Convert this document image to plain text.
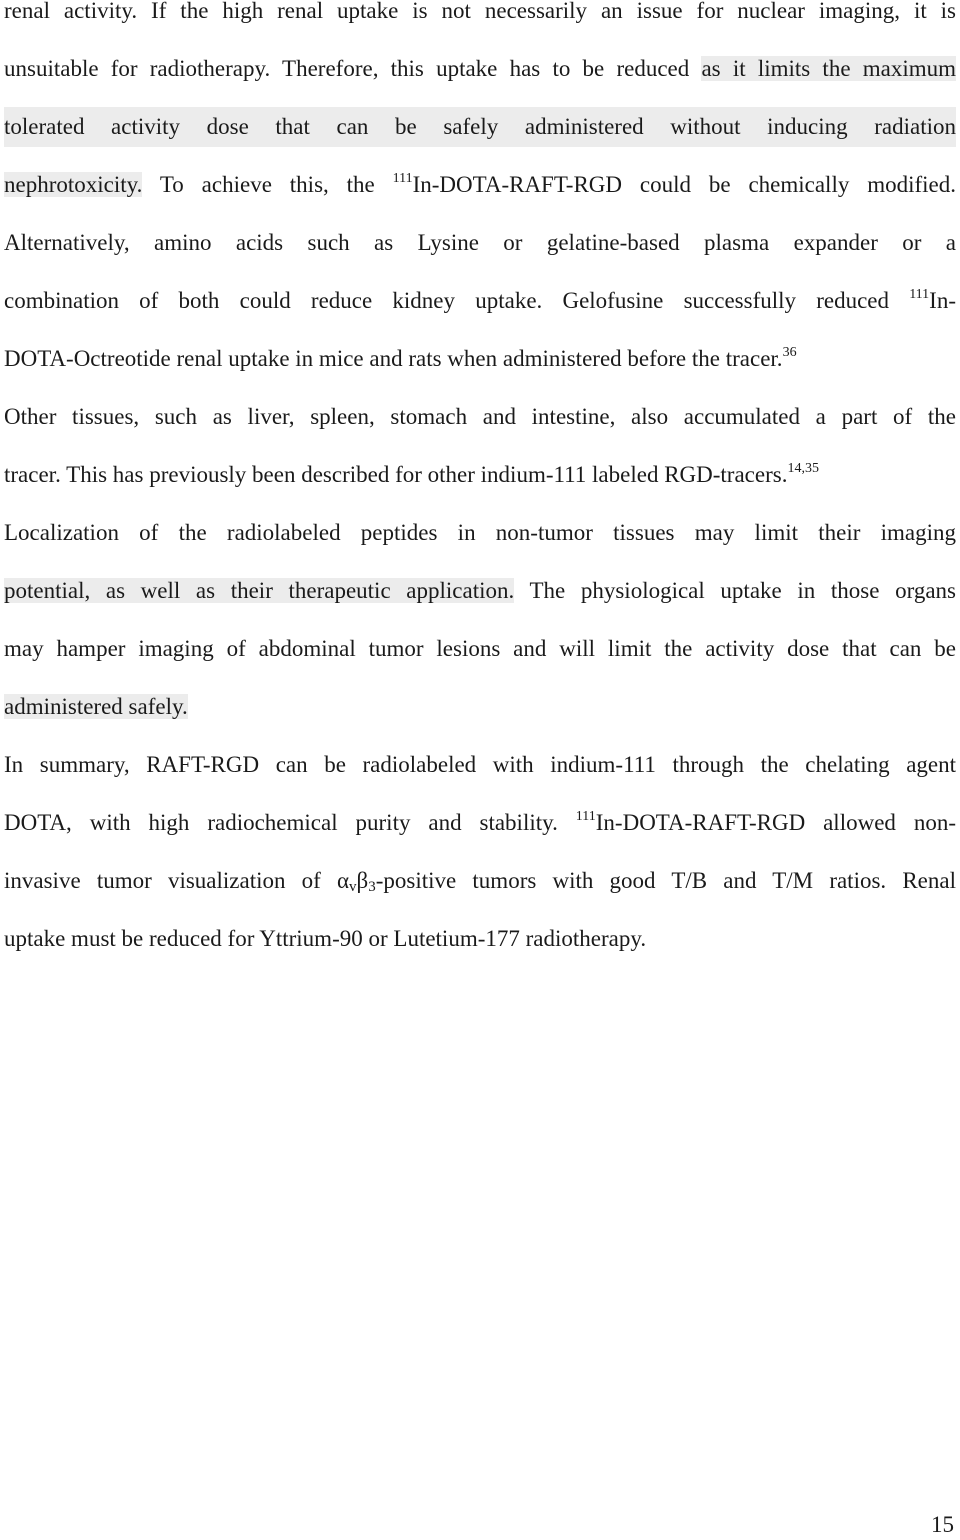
renal activity. If the high renal uptake is not necessarily an issue for nuclear imaging, it is
unsuitable for radiotherapy. Therefore, this uptake has to be reduced as it limits the maximum
tolerated activity dose that can be safely administered without inducing radiation
nephrotoxicity. To achieve this, the $^{111}$In-DOTA-RAFT-RGD could be chemically modified.
Alternatively, amino acids such as Lysine or gelatine-based plasma expander or a
combination of both could reduce kidney uptake. Gelofusine successfully reduced $^{111}$In-
DOTA-Octreotide renal uptake in mice and rats when administered before the tracer.$^{36}$
Other tissues, such as liver, spleen, stomach and intestine, also accumulated a part of the
tracer. This has previously been described for other indium-111 labeled RGD-tracers.$^{14,35}$
Localization of the radiolabeled peptides in non-tumor tissues may limit their imaging
potential, as well as their therapeutic application. The physiological uptake in those organs
may hamper imaging of abdominal tumor lesions and will limit the activity dose that can be
administered safely.
In summary, RAFT-RGD can be radiolabeled with indium-111 through the chelating agent
DOTA, with high radiochemical purity and stability. $^{111}$In-DOTA-RAFT-RGD allowed non-
invasive tumor visualization of $\alpha_v\beta_3$-positive tumors with good T/B and T/M ratios. Renal
uptake must be reduced for Yttrium-90 or Lutetium-177 radiotherapy.
15
